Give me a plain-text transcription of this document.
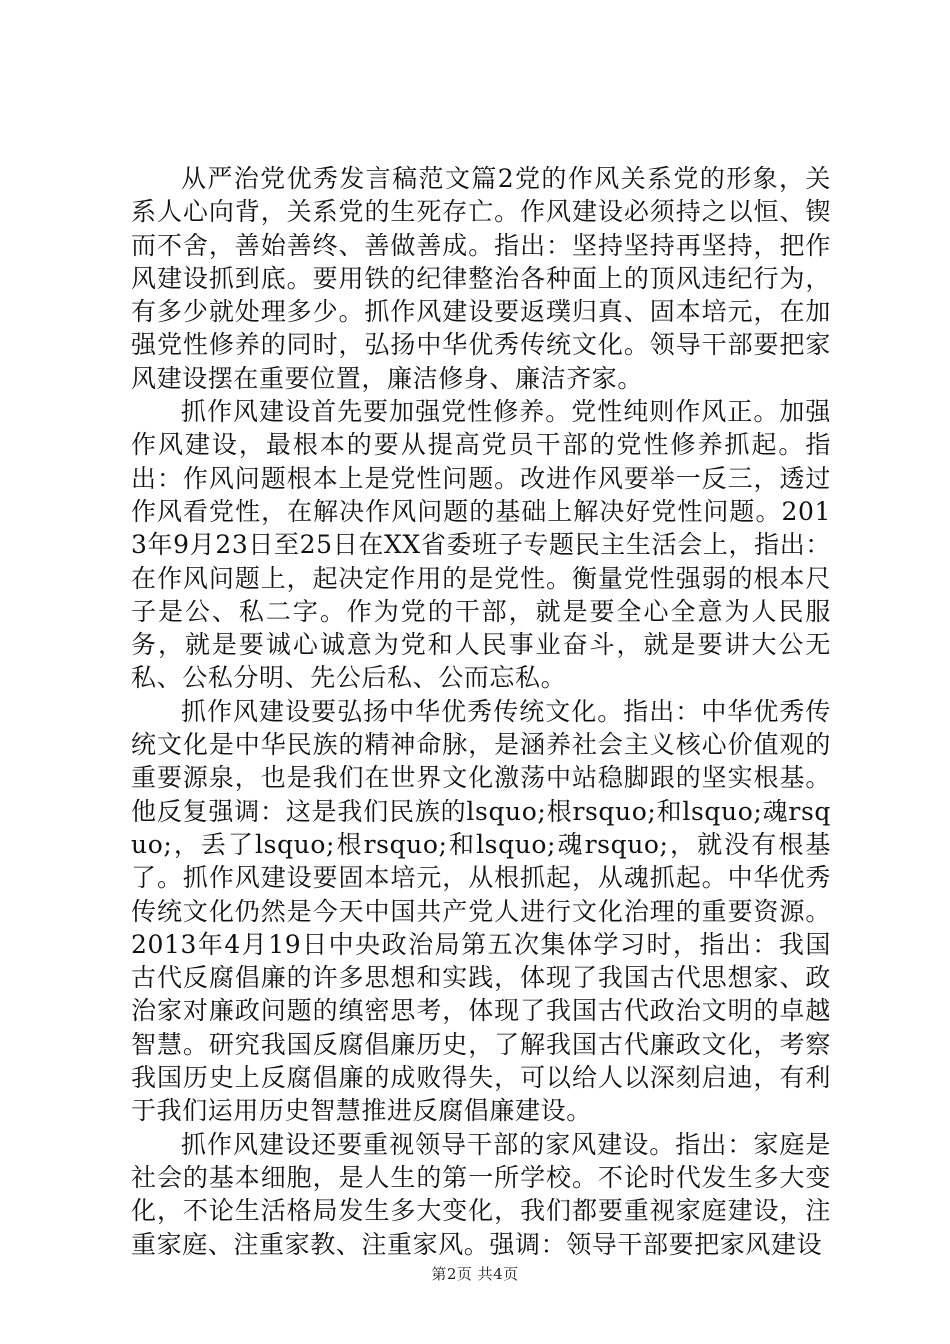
从严治党优秀发言稿范文篇2党的作风关系党的形象，关系人心向背，关系党的生死存亡。作风建设必须持之以恒、锲而不舍，善始善终、善做善成。指出：坚持坚持再坚持，把作风建设抓到底。要用铁的纪律整治各种面上的顶风违纪行为，有多少就处理多少。抓作风建设要返璞归真、固本培元，在加强党性修养的同时，弘扬中华优秀传统文化。领导干部要把家风建设摆在重要位置，廉洁修身、廉洁齐家。

抓作风建设首先要加强党性修养。党性纯则作风正。加强作风建设，最根本的要从提高党员干部的党性修养抓起。指出：作风问题根本上是党性问题。改进作风要举一反三，透过作风看党性，在解决作风问题的基础上解决好党性问题。2013年9月23日至25日在XX省委班子专题民主生活会上，指出：在作风问题上，起决定作用的是党性。衡量党性强弱的根本尺子是公、私二字。作为党的干部，就是要全心全意为人民服务，就是要诚心诚意为党和人民事业奋斗，就是要讲大公无私、公私分明、先公后私、公而忘私。

抓作风建设要弘扬中华优秀传统文化。指出：中华优秀传统文化是中华民族的精神命脉，是涵养社会主义核心价值观的重要源泉，也是我们在世界文化激荡中站稳脚跟的坚实根基。他反复强调：这是我们民族的lsquo;根rsquo;和lsquo;魂rsquo;，丢了lsquo;根rsquo;和lsquo;魂rsquo;，就没有根基了。抓作风建设要固本培元，从根抓起，从魂抓起。中华优秀传统文化仍然是今天中国共产党人进行文化治理的重要资源。2013年4月19日中央政治局第五次集体学习时，指出：我国古代反腐倡廉的许多思想和实践，体现了我国古代思想家、政治家对廉政问题的缜密思考，体现了我国古代政治文明的卓越智慧。研究我国反腐倡廉历史，了解我国古代廉政文化，考察我国历史上反腐倡廉的成败得失，可以给人以深刻启迪，有利于我们运用历史智慧推进反腐倡廉建设。

抓作风建设还要重视领导干部的家风建设。指出：家庭是社会的基本细胞，是人生的第一所学校。不论时代发生多大变化，不论生活格局发生多大变化，我们都要重视家庭建设，注重家庭、注重家教、注重家风。强调：领导干部要把家风建设

第2页 共4页
